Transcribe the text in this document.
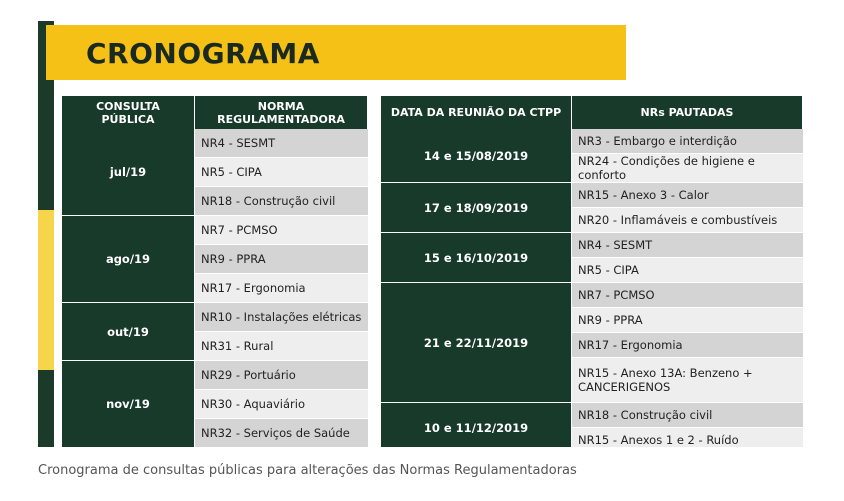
CRONOGRAMA
CONSULTA PÚBLICA	NORMA REGULAMENTADORA
jul/19	NR4 - SESMT
	NR5 - CIPA
	NR18 - Construção civil
ago/19	NR7 - PCMSO
	NR9 - PPRA
	NR17 - Ergonomia
out/19	NR10 - Instalações elétricas
	NR31 - Rural
nov/19	NR29 - Portuário
	NR30 - Aquaviário
	NR32 - Serviços de Saúde
DATA DA REUNIÃO DA CTPP	NRs PAUTADAS
14 e 15/08/2019	NR3 - Embargo e interdição
	NR24 - Condições de higiene e conforto
17 e 18/09/2019	NR15 - Anexo 3 - Calor
	NR20 - Inflamáveis e combustíveis
15 e 16/10/2019	NR4 - SESMT
	NR5 - CIPA
21 e 22/11/2019	NR7 - PCMSO
	NR9 - PPRA
	NR17 - Ergonomia
	NR15 - Anexo 13A: Benzeno + CANCERIGENOS
10 e 11/12/2019	NR18 - Construção civil
	NR15 - Anexos 1 e 2 - Ruído
Cronograma de consultas públicas para alterações das Normas Regulamentadoras
